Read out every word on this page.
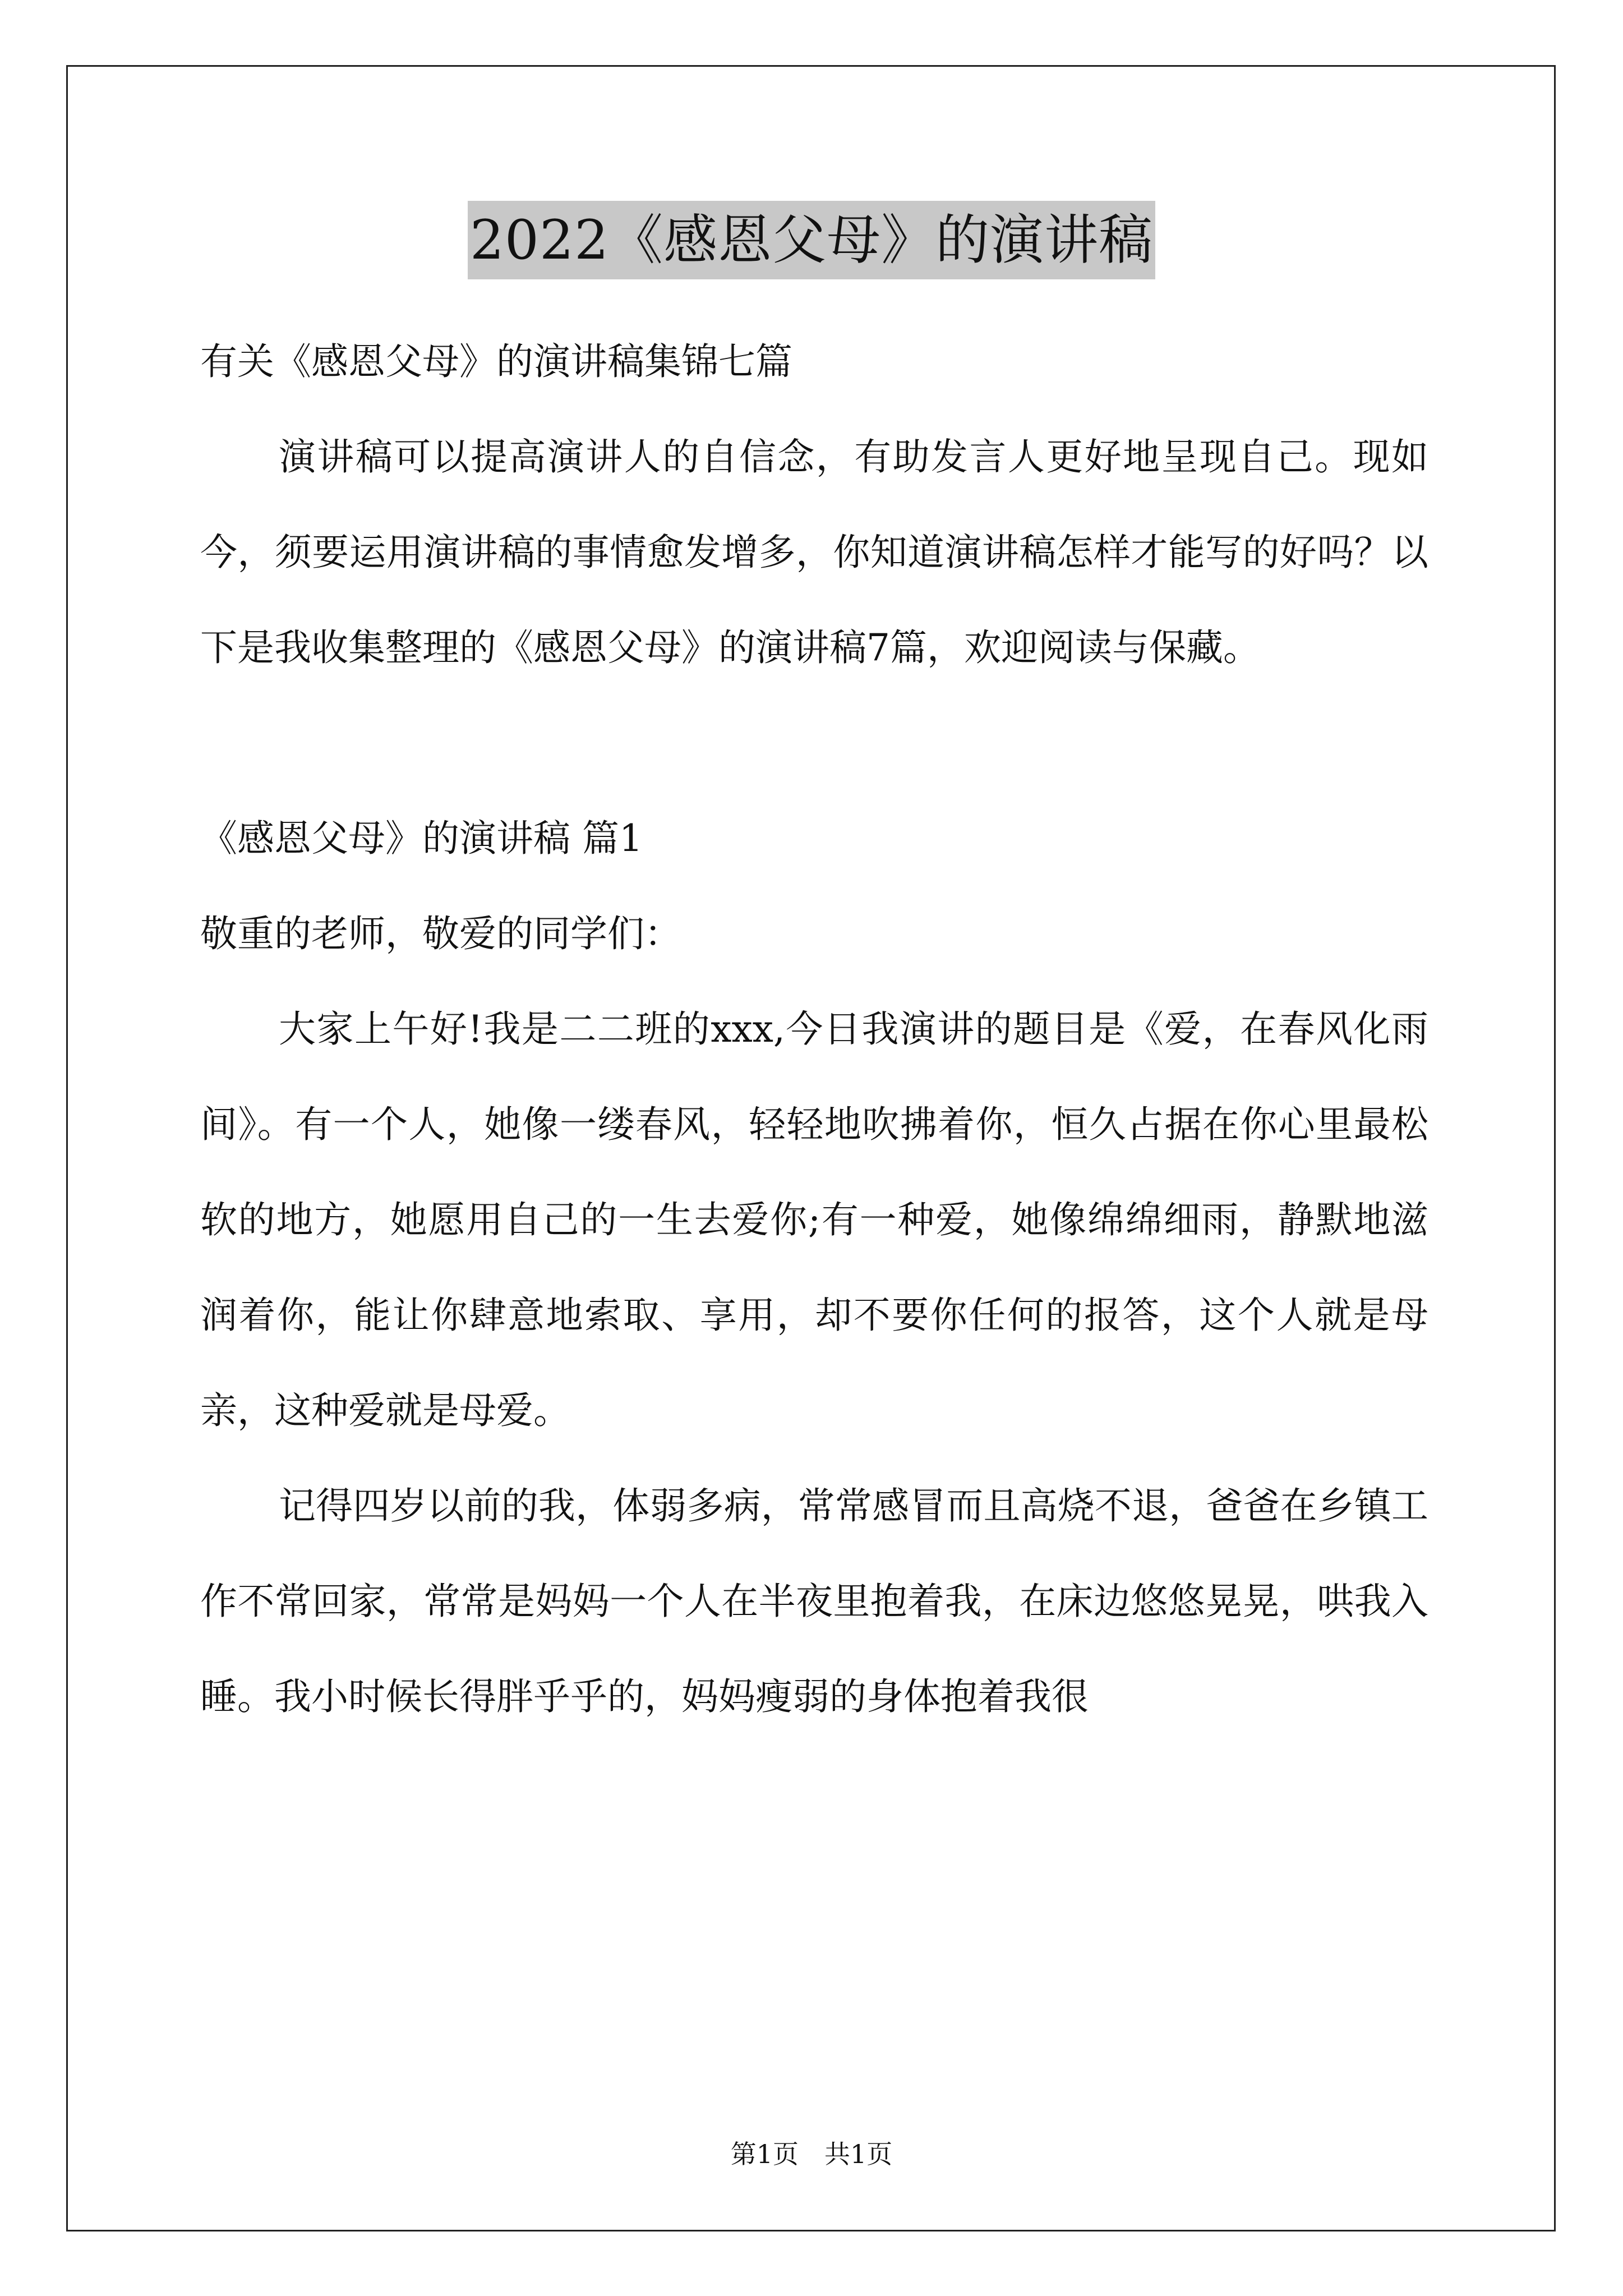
2022《感恩父母》的演讲稿

有关《感恩父母》的演讲稿集锦七篇

演讲稿可以提高演讲人的自信念，有助发言人更好地呈现自己。现如今，须要运用演讲稿的事情愈发增多，你知道演讲稿怎样才能写的好吗？以下是我收集整理的《感恩父母》的演讲稿7篇，欢迎阅读与保藏。

《感恩父母》的演讲稿 篇1

敬重的老师，敬爱的同学们：

大家上午好!我是二二班的xxx,今日我演讲的题目是《爱，在春风化雨间》。有一个人，她像一缕春风，轻轻地吹拂着你，恒久占据在你心里最松软的地方，她愿用自己的一生去爱你;有一种爱，她像绵绵细雨，静默地滋润着你，能让你肆意地索取、享用，却不要你任何的报答，这个人就是母亲，这种爱就是母爱。

记得四岁以前的我，体弱多病，常常感冒而且高烧不退，爸爸在乡镇工作不常回家，常常是妈妈一个人在半夜里抱着我，在床边悠悠晃晃，哄我入睡。我小时候长得胖乎乎的，妈妈瘦弱的身体抱着我很

第1页　共1页
